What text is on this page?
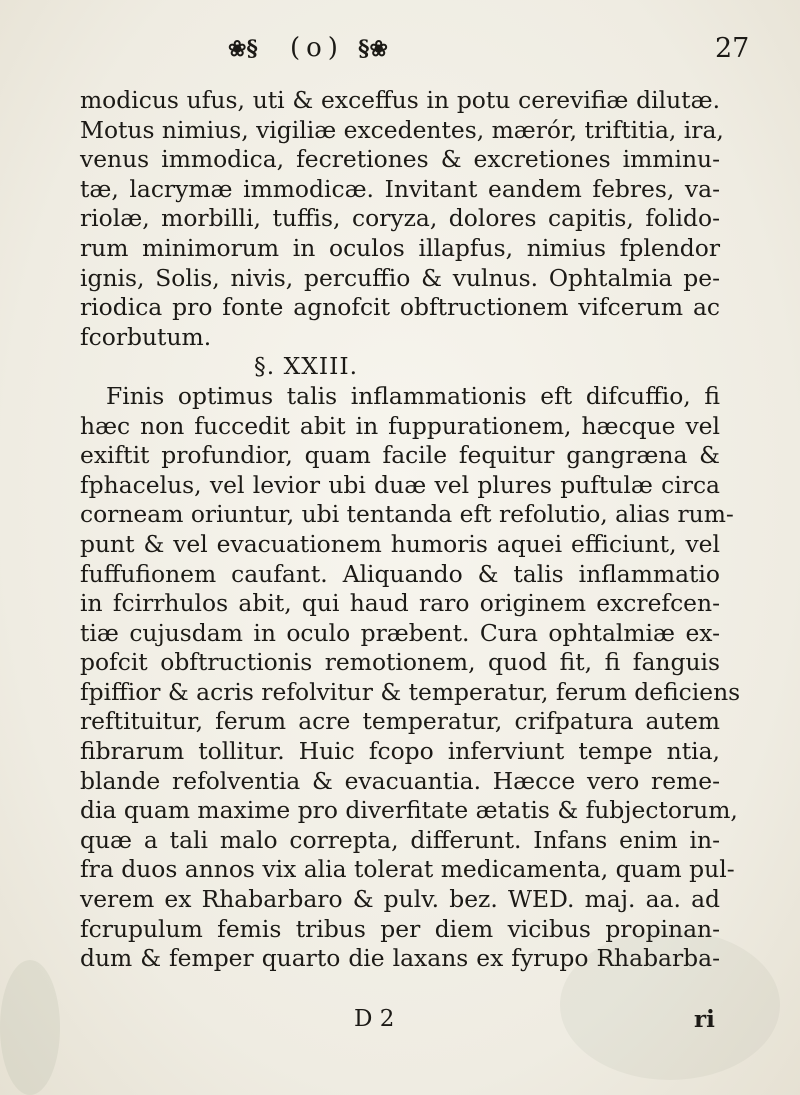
❀§ (o) §❀	27
modicus ufus, uti & exceffus in potu cerevifiæ dilutæ.
Motus nimius, vigiliæ excedentes, mærór, triftitia, ira,
venus immodica, fecretiones & excretiones imminu-
tæ, lacrymæ immodicæ. Invitant eandem febres, va-
riolæ, morbilli, tuffis, coryza, dolores capitis, folido-
rum minimorum in oculos illapfus, nimius fplendor
ignis, Solis, nivis, percuffio & vulnus. Ophtalmia pe-
riodica pro fonte agnofcit obftructionem vifcerum ac
fcorbutum.
§. XXIII.
Finis optimus talis inflammationis eft difcuffio, fi
hæc non fuccedit abit in fuppurationem, hæcque vel
exiftit profundior, quam facile fequitur gangræna &
fphacelus, vel levior ubi duæ vel plures puftulæ circa
corneam oriuntur, ubi tentanda eft refolutio, alias rum-
punt & vel evacuationem humoris aquei efficiunt, vel
fuffufionem caufant. Aliquando & talis inflammatio
in fcirrhulos abit, qui haud raro originem excrefcen-
tiæ cujusdam in oculo præbent. Cura ophtalmiæ ex-
pofcit obftructionis remotionem, quod fit, fi fanguis
fpiffior & acris refolvitur & temperatur, ferum deficiens
reftituitur, ferum acre temperatur, crifpatura autem
fibrarum tollitur. Huic fcopo inferviunt tempe ntia,
blande refolventia & evacuantia. Hæcce vero reme-
dia quam maxime pro diverfitate ætatis & fubjectorum,
quæ a tali malo correpta, differunt. Infans enim in-
fra duos annos vix alia tolerat medicamenta, quam pul-
verem ex Rhabarbaro & pulv. bez. WED. maj. aa. ad
fcrupulum femis tribus per diem vicibus propinan-
dum & femper quarto die laxans ex fyrupo Rhabarba-
D 2	ri
